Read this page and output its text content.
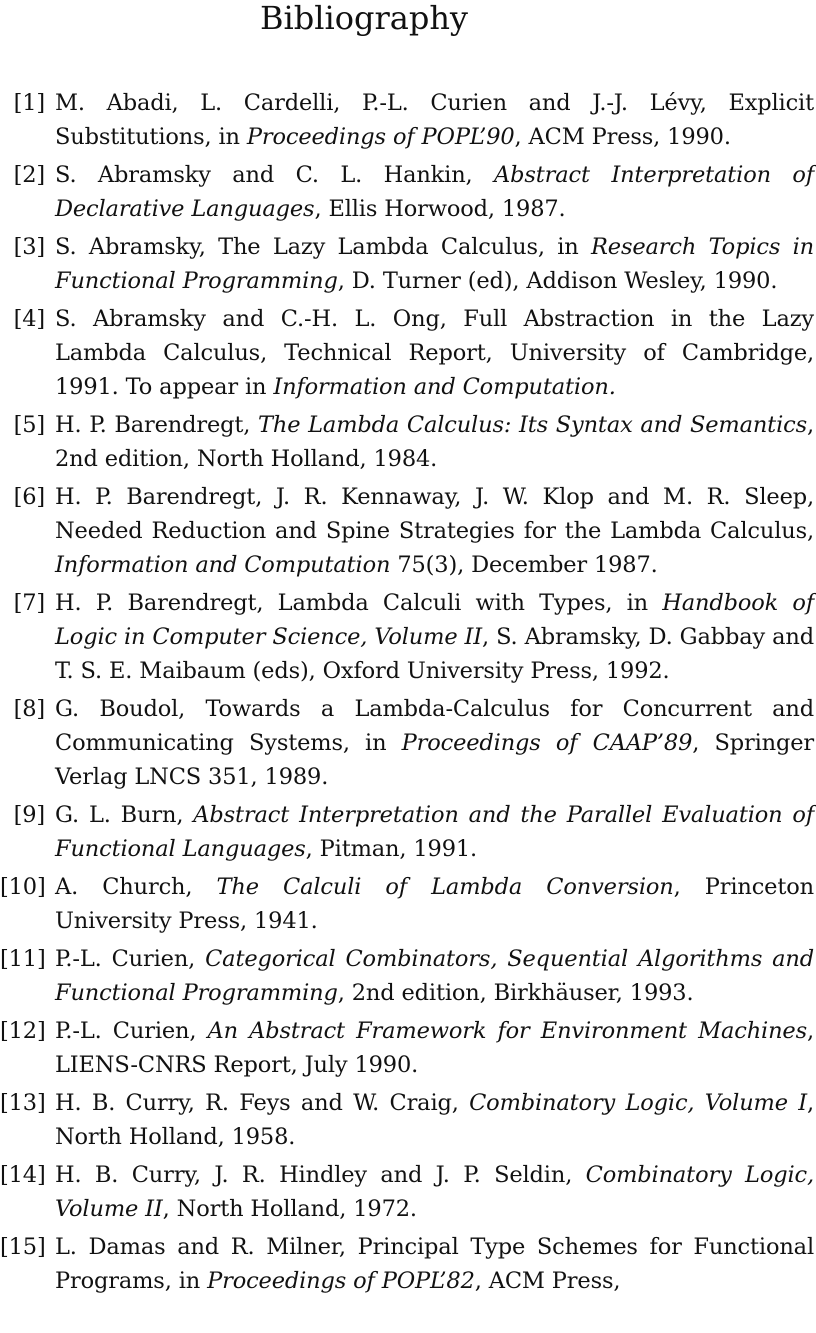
Bibliography
[1] M. Abadi, L. Cardelli, P.-L. Curien and J.-J. Lévy, Explicit Substitutions, in Proceedings of POPL’90, ACM Press, 1990.
[2] S. Abramsky and C. L. Hankin, Abstract Interpretation of Declarative Languages, Ellis Horwood, 1987.
[3] S. Abramsky, The Lazy Lambda Calculus, in Research Topics in Functional Programming, D. Turner (ed), Addison Wesley, 1990.
[4] S. Abramsky and C.-H. L. Ong, Full Abstraction in the Lazy Lambda Calculus, Technical Report, University of Cambridge, 1991. To appear in Information and Computation.
[5] H. P. Barendregt, The Lambda Calculus: Its Syntax and Semantics, 2nd edition, North Holland, 1984.
[6] H. P. Barendregt, J. R. Kennaway, J. W. Klop and M. R. Sleep, Needed Reduction and Spine Strategies for the Lambda Calculus, Information and Computation 75(3), December 1987.
[7] H. P. Barendregt, Lambda Calculi with Types, in Handbook of Logic in Computer Science, Volume II, S. Abramsky, D. Gabbay and T. S. E. Maibaum (eds), Oxford University Press, 1992.
[8] G. Boudol, Towards a Lambda-Calculus for Concurrent and Communicating Systems, in Proceedings of CAAP’89, Springer Verlag LNCS 351, 1989.
[9] G. L. Burn, Abstract Interpretation and the Parallel Evaluation of Functional Languages, Pitman, 1991.
[10] A. Church, The Calculi of Lambda Conversion, Princeton University Press, 1941.
[11] P.-L. Curien, Categorical Combinators, Sequential Algorithms and Functional Programming, 2nd edition, Birkhäuser, 1993.
[12] P.-L. Curien, An Abstract Framework for Environment Machines, LIENS-CNRS Report, July 1990.
[13] H. B. Curry, R. Feys and W. Craig, Combinatory Logic, Volume I, North Holland, 1958.
[14] H. B. Curry, J. R. Hindley and J. P. Seldin, Combinatory Logic, Volume II, North Holland, 1972.
[15] L. Damas and R. Milner, Principal Type Schemes for Functional Programs, in Proceedings of POPL’82, ACM Press,
